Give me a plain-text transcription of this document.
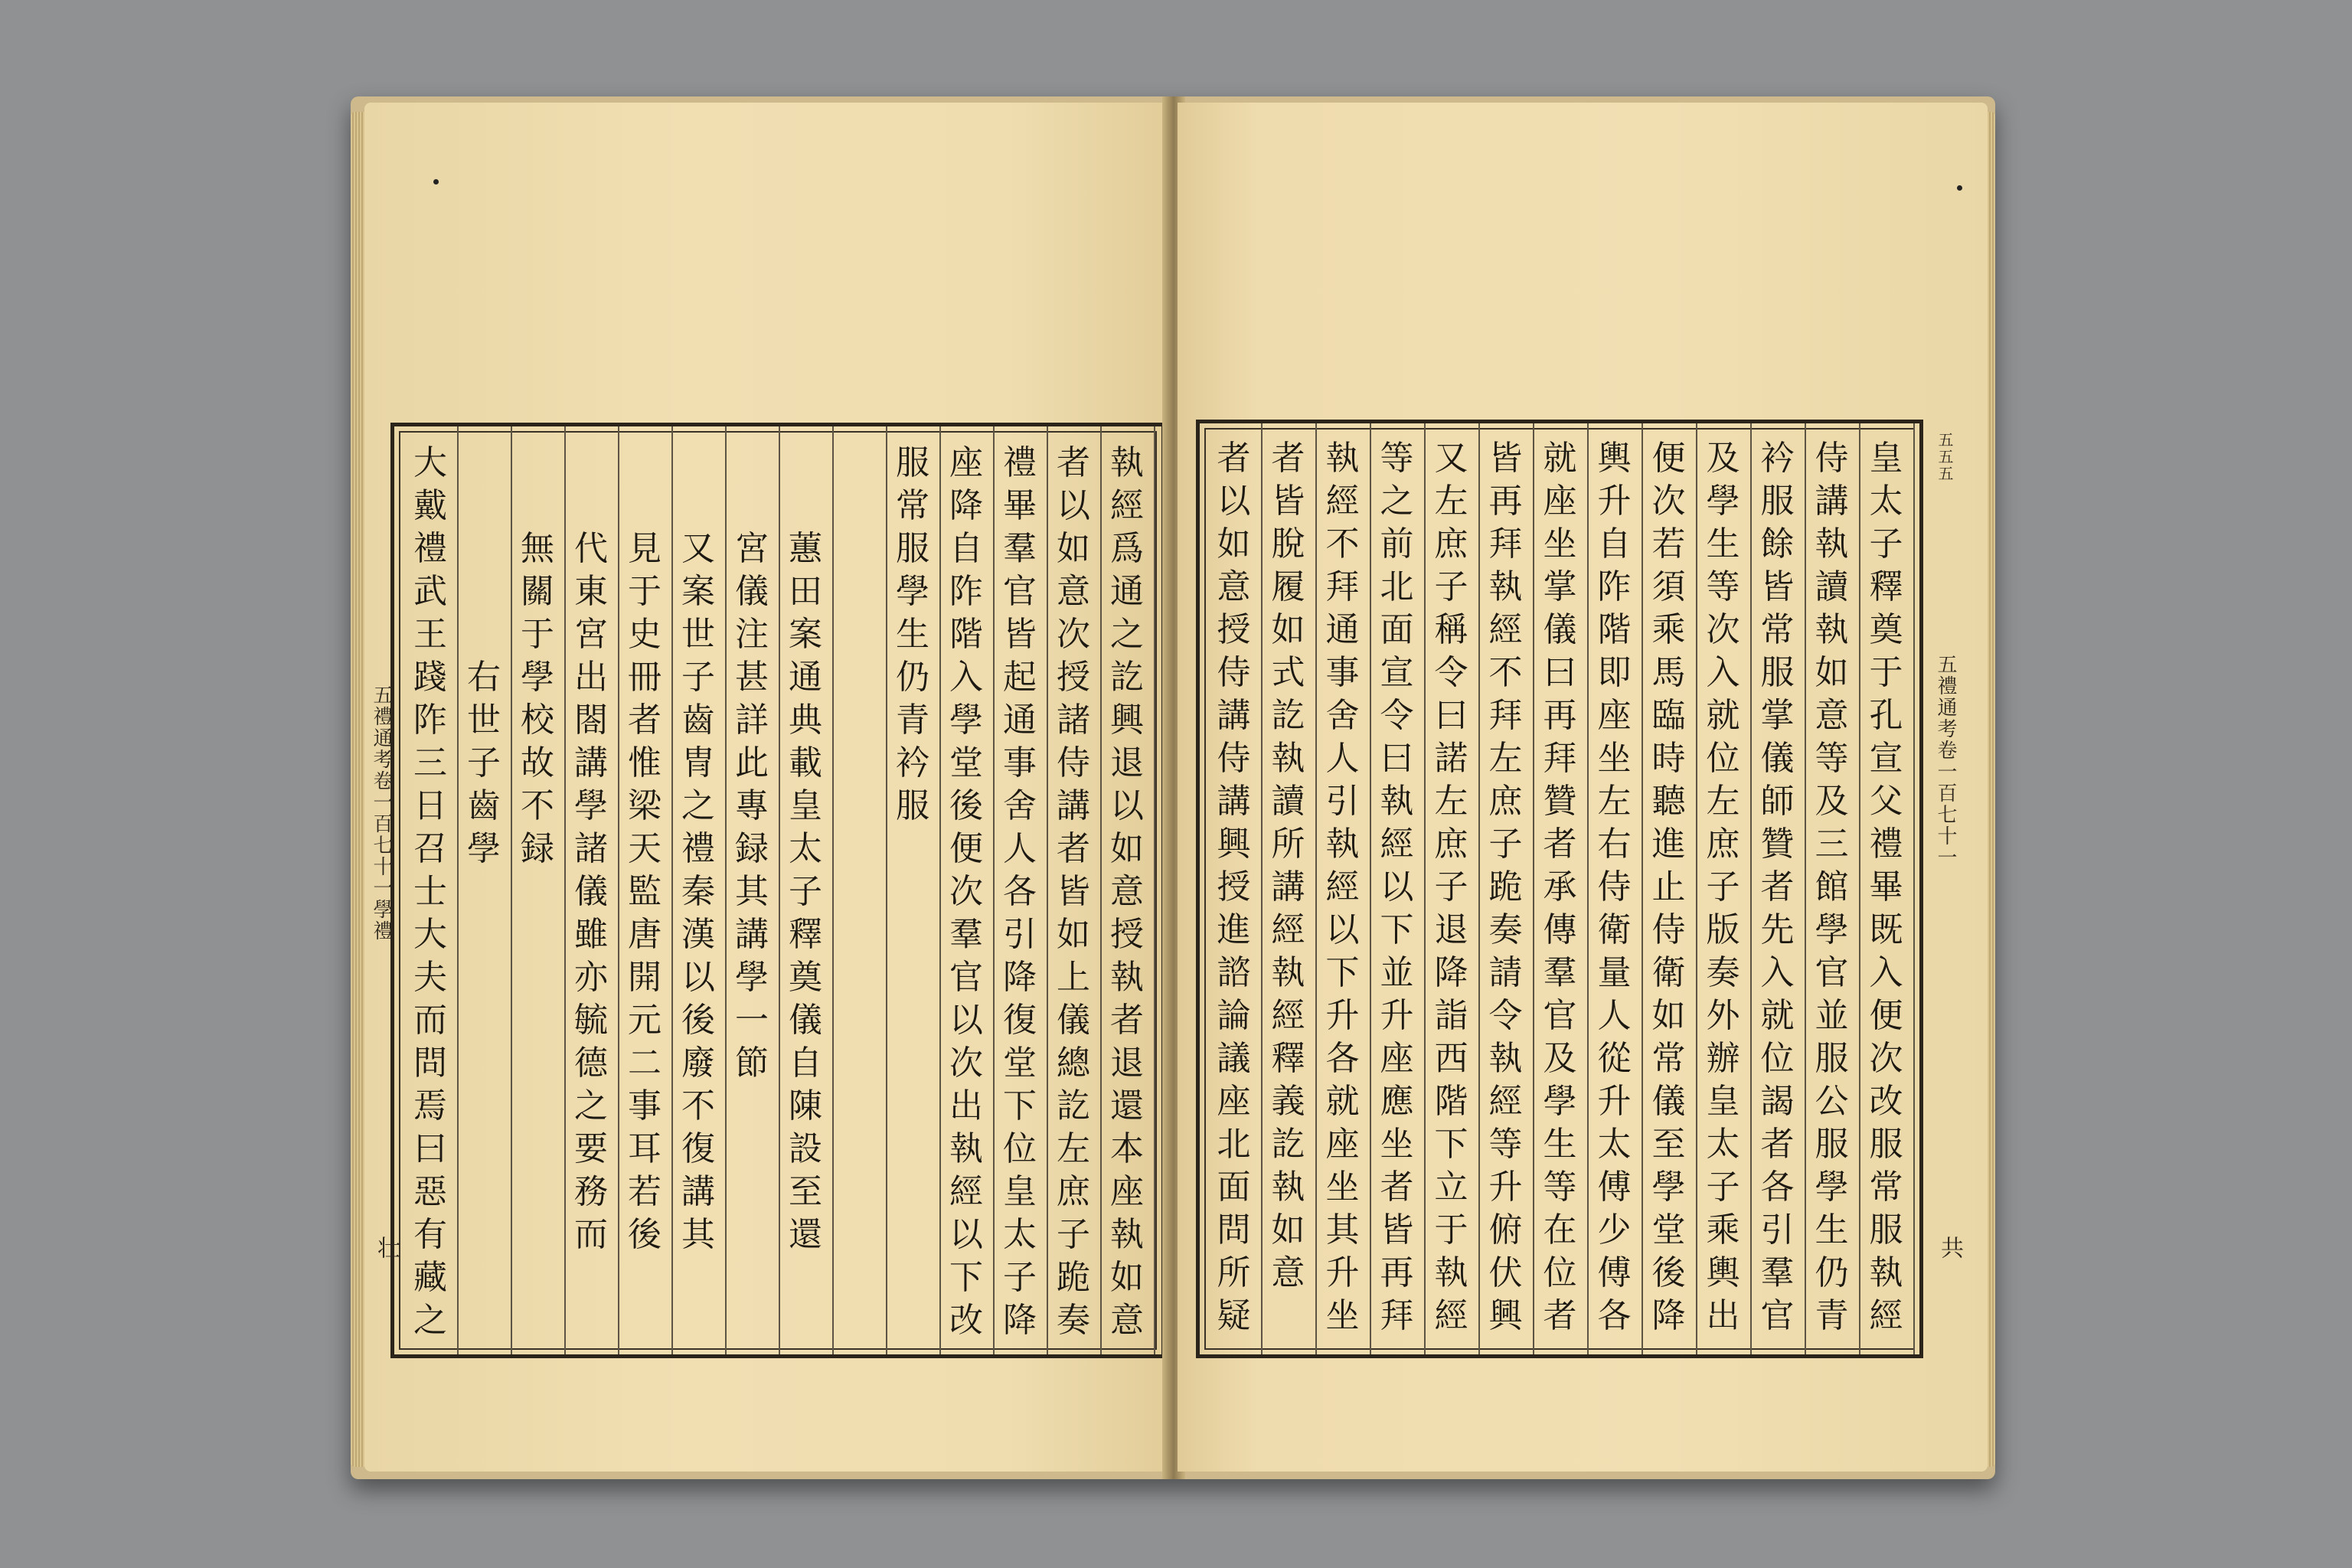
執
經
爲
通
之
訖
興
退
以
如
意
授
執
者
退
還
本
座
執
如
意
者
以
如
意
次
授
諸
侍
講
者
皆
如
上
儀
總
訖
左
庶
子
跪
奏
禮
畢
羣
官
皆
起
通
事
舍
人
各
引
降
復
堂
下
位
皇
太
子
降
座
降
自
阼
階
入
學
堂
後
便
次
羣
官
以
次
出
執
經
以
下
改
服
常
服
學
生
仍
青
衿
服

蕙
田
案
通
典
載
皇
太
子
釋
奠
儀
自
陳
設
至
還

宮
儀
注
甚
詳
此
專
録
其
講
學
一
節

又
案
世
子
齒
冑
之
禮
秦
漢
以
後
廢
不
復
講
其

見
于
史
冊
者
惟
梁
天
監
唐
開
元
二
事
耳
若
後

代
東
宮
出
閤
講
學
諸
儀
雖
亦
毓
德
之
要
務
而

無
關
于
學
校
故
不
録

右
世
子
齒
學
大
戴
禮
武
王
踐
阼
三
日
召
士
大
夫
而
問
焉
曰
惡
有
藏
之
五禮通考卷一百七十一學禮
壮
皇
太
子
釋
奠
于
孔
宣
父
禮
畢
既
入
便
次
改
服
常
服
執
經
侍
講
執
讀
執
如
意
等
及
三
館
學
官
並
服
公
服
學
生
仍
青
衿
服
餘
皆
常
服
掌
儀
師
贊
者
先
入
就
位
謁
者
各
引
羣
官
及
學
生
等
次
入
就
位
左
庶
子
版
奏
外
辦
皇
太
子
乘
輿
出
便
次
若
須
乘
馬
臨
時
聽
進
止
侍
衛
如
常
儀
至
學
堂
後
降
輿
升
自
阼
階
即
座
坐
左
右
侍
衛
量
人
從
升
太
傅
少
傅
各
就
座
坐
掌
儀
曰
再
拜
贊
者
承
傳
羣
官
及
學
生
等
在
位
者
皆
再
拜
執
經
不
拜
左
庶
子
跪
奏
請
令
執
經
等
升
俯
伏
興
又
左
庶
子
稱
令
曰
諾
左
庶
子
退
降
詣
西
階
下
立
于
執
經
等
之
前
北
面
宣
令
曰
執
經
以
下
並
升
座
應
坐
者
皆
再
拜
執
經
不
拜
通
事
舍
人
引
執
經
以
下
升
各
就
座
坐
其
升
坐
者
皆
脫
履
如
式
訖
執
讀
所
講
經
執
經
釋
義
訖
執
如
意
者
以
如
意
授
侍
講
侍
講
興
授
進
諮
論
議
座
北
面
問
所
疑
五禮通考卷一百七十一
五五五
共
